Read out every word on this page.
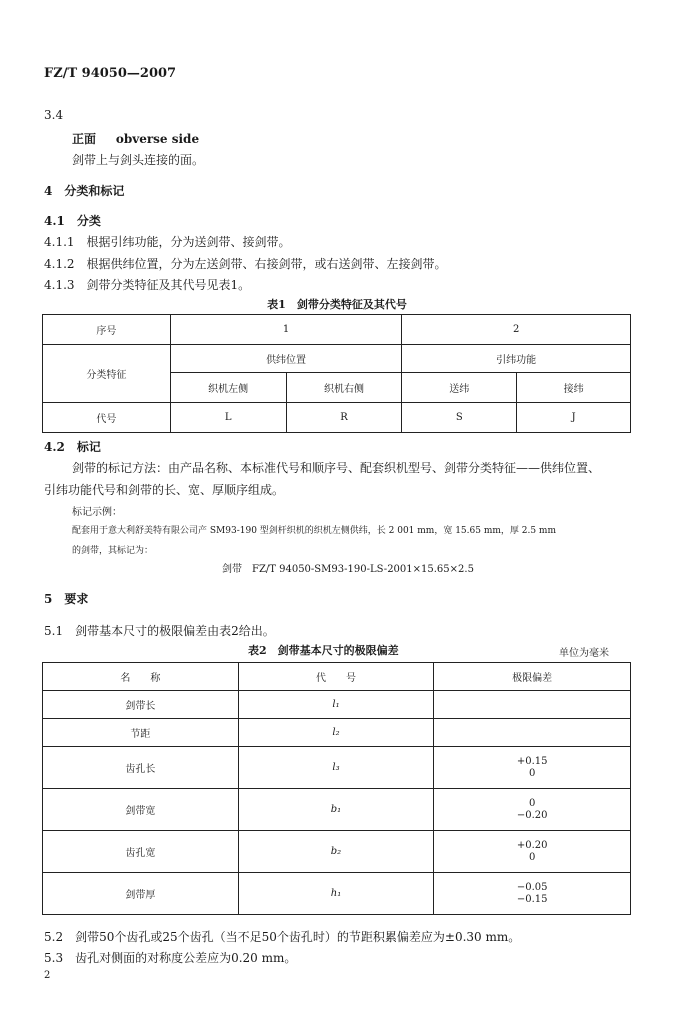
FZ/T 94050—2007
3.4
正面 obverse side
剑带上与剑头连接的面。
4　分类和标记
4.1　分类
4.1.1　根据引纬功能，分为送剑带、接剑带。
4.1.2　根据供纬位置，分为左送剑带、右接剑带，或右送剑带、左接剑带。
4.1.3　剑带分类特征及其代号见表1。
表1　剑带分类特征及其代号
序号	1		2	
分类特征	供纬位置		引纬功能	
	织机左侧	织机右侧	送纬	接纬
代号	L	R	S	J
4.2　标记
剑带的标记方法：由产品名称、本标准代号和顺序号、配套织机型号、剑带分类特征——供纬位置、
引纬功能代号和剑带的长、宽、厚顺序组成。
标记示例：
配套用于意大利舒美特有限公司产 SM93-190 型剑杆织机的织机左侧供纬，长 2 001 mm，宽 15.65 mm，厚 2.5 mm
的剑带，其标记为：
剑带　FZ/T 94050-SM93-190-LS-2001×15.65×2.5
5　要求
5.1　剑带基本尺寸的极限偏差由表2给出。
表2　剑带基本尺寸的极限偏差	单位为毫米
名　　称	代　　号	极限偏差
剑带长	l₁	

节距	l₂	

齿孔长	l₃	+0.15
0

剑带宽	b₁	0
−0.20

齿孔宽	b₂	+0.20
0

剑带厚	h₁	−0.05
−0.15
5.2　剑带50个齿孔或25个齿孔（当不足50个齿孔时）的节距积累偏差应为±0.30 mm。
5.3　齿孔对侧面的对称度公差应为0.20 mm。
2
